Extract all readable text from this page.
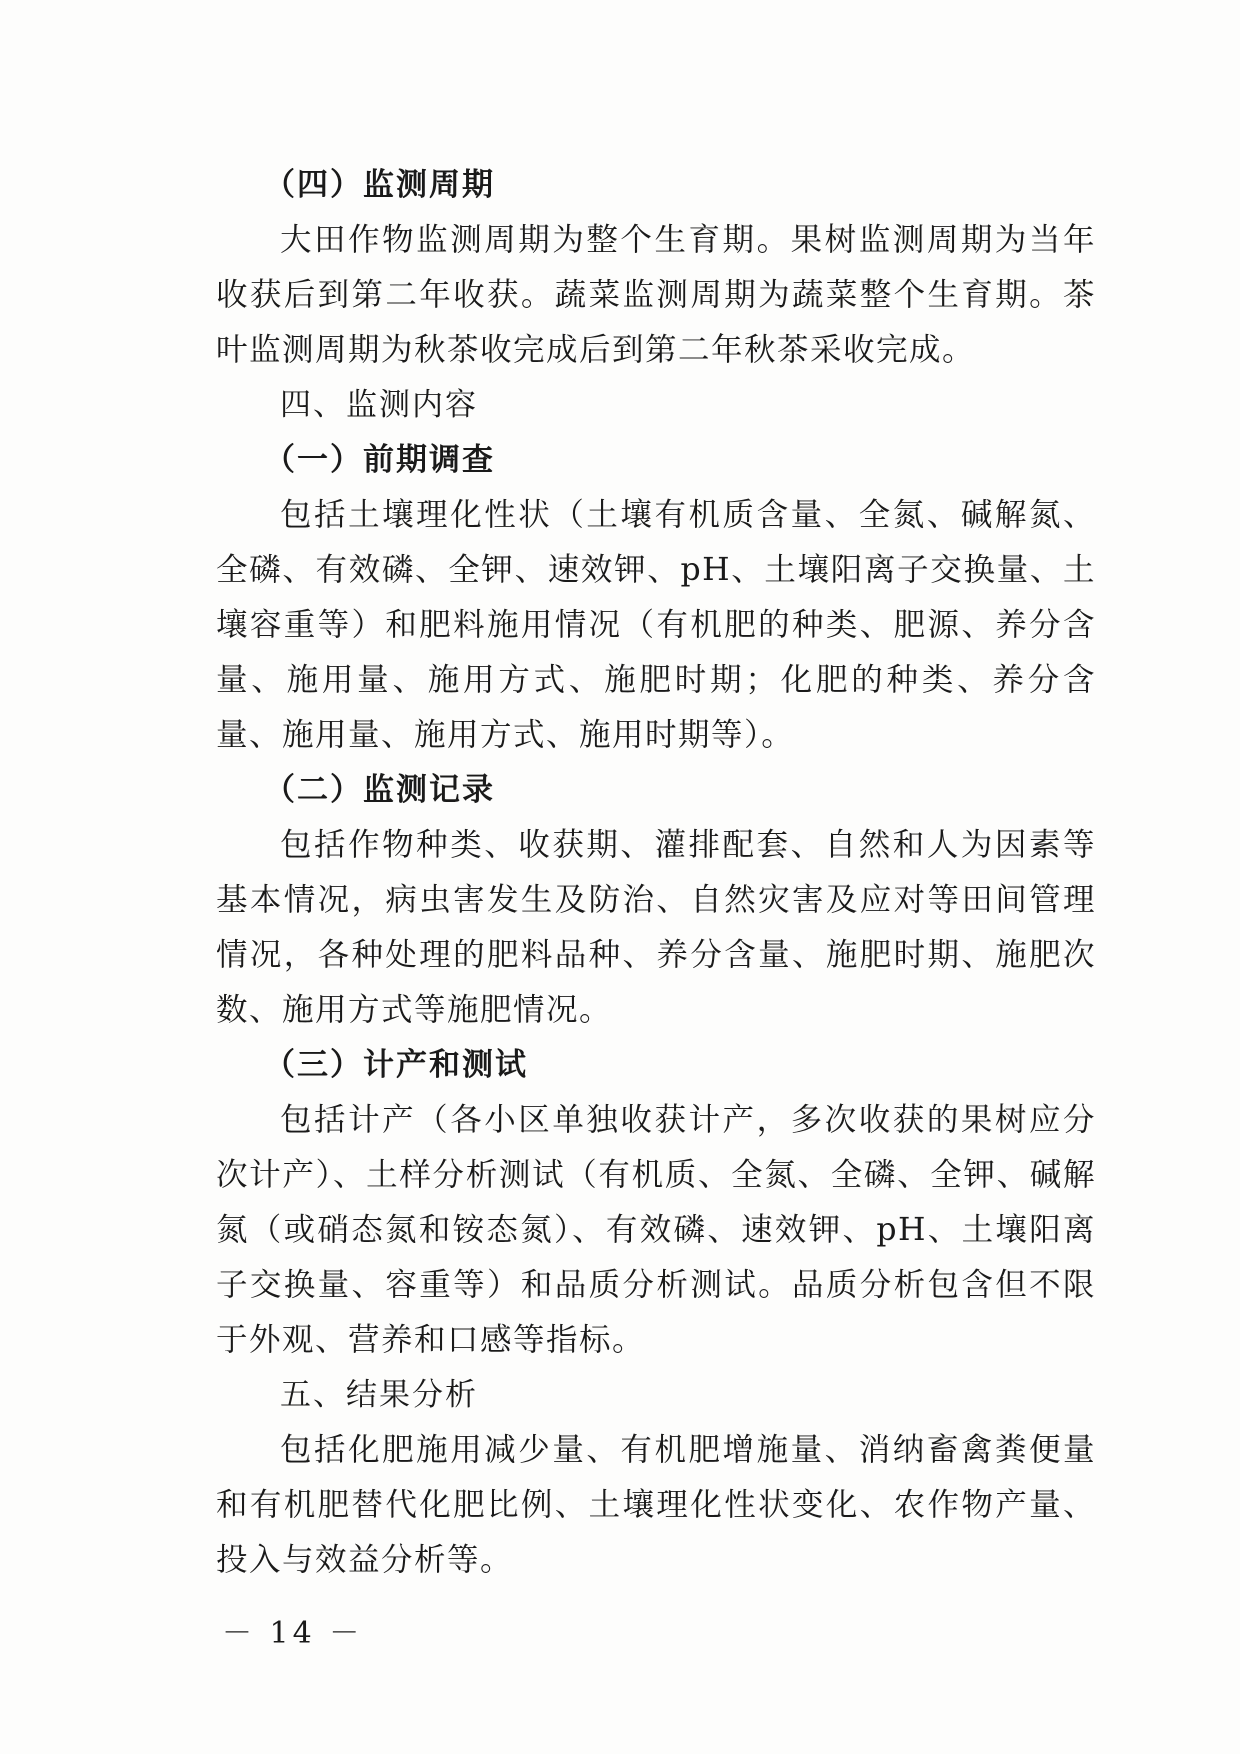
（四）监测周期

大田作物监测周期为整个生育期。果树监测周期为当年收获后到第二年收获。蔬菜监测周期为蔬菜整个生育期。茶叶监测周期为秋茶收完成后到第二年秋茶采收完成。

四、监测内容
（一）前期调查

包括土壤理化性状（土壤有机质含量、全氮、碱解氮、全磷、有效磷、全钾、速效钾、pH、土壤阳离子交换量、土壤容重等）和肥料施用情况（有机肥的种类、肥源、养分含量、施用量、施用方式、施肥时期；化肥的种类、养分含量、施用量、施用方式、施用时期等）。

（二）监测记录

包括作物种类、收获期、灌排配套、自然和人为因素等基本情况，病虫害发生及防治、自然灾害及应对等田间管理情况，各种处理的肥料品种、养分含量、施肥时期、施肥次数、施用方式等施肥情况。

（三）计产和测试

包括计产（各小区单独收获计产，多次收获的果树应分次计产）、土样分析测试（有机质、全氮、全磷、全钾、碱解氮（或硝态氮和铵态氮）、有效磷、速效钾、pH、土壤阳离子交换量、容重等）和品质分析测试。品质分析包含但不限于外观、营养和口感等指标。

五、结果分析

包括化肥施用减少量、有机肥增施量、消纳畜禽粪便量和有机肥替代化肥比例、土壤理化性状变化、农作物产量、投入与效益分析等。

－ 14 －
